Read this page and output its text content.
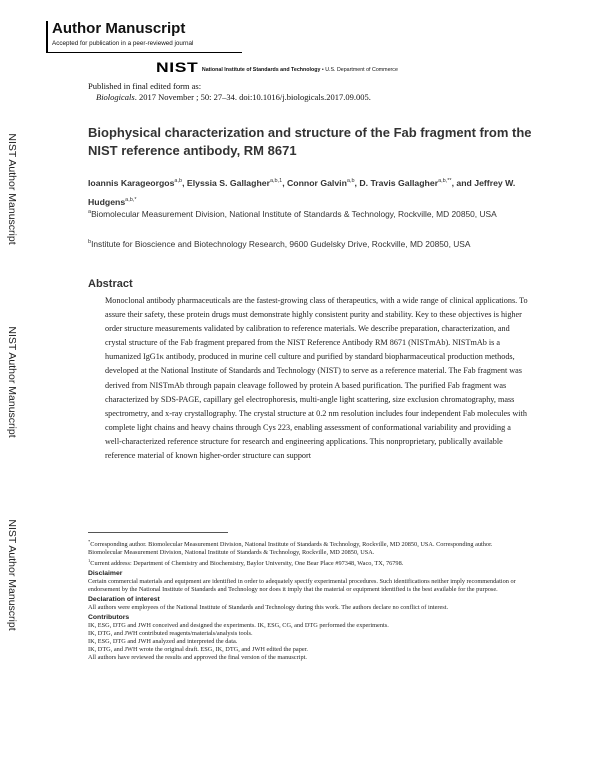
Author Manuscript
Accepted for publication in a peer-reviewed journal
NIST National Institute of Standards and Technology • U.S. Department of Commerce
Published in final edited form as:
Biologicals. 2017 November ; 50: 27–34. doi:10.1016/j.biologicals.2017.09.005.
NIST Author Manuscript
NIST Author Manuscript
NIST Author Manuscript
Biophysical characterization and structure of the Fab fragment from the NIST reference antibody, RM 8671
Ioannis Karageorgos$^{a,b}$, Elyssia S. Gallagher$^{a,b,1}$, Connor Galvin$^{a,b}$, D. Travis Gallagher$^{a,b,**}$, and Jeffrey W. Hudgens$^{a,b,*}$
$^a$Biomolecular Measurement Division, National Institute of Standards & Technology, Rockville, MD 20850, USA
$^b$Institute for Bioscience and Biotechnology Research, 9600 Gudelsky Drive, Rockville, MD 20850, USA
Abstract
Monoclonal antibody pharmaceuticals are the fastest-growing class of therapeutics, with a wide range of clinical applications. To assure their safety, these protein drugs must demonstrate highly consistent purity and stability. Key to these objectives is higher order structure measurements validated by calibration to reference materials. We describe preparation, characterization, and crystal structure of the Fab fragment prepared from the NIST Reference Antibody RM 8671 (NISTmAb). NISTmAb is a humanized IgG1κ antibody, produced in murine cell culture and purified by standard biopharmaceutical production methods, developed at the National Institute of Standards and Technology (NIST) to serve as a reference material. The Fab fragment was derived from NISTmAb through papain cleavage followed by protein A based purification. The purified Fab fragment was characterized by SDS-PAGE, capillary gel electrophoresis, multi-angle light scattering, size exclusion chromatography, mass spectrometry, and x-ray crystallography. The crystal structure at 0.2 nm resolution includes four independent Fab molecules with complete light chains and heavy chains through Cys 223, enabling assessment of conformational variability and providing a well-characterized reference structure for research and engineering applications. This nonproprietary, publically available reference material of known higher-order structure can support

*Corresponding author. Biomolecular Measurement Division, National Institute of Standards & Technology, Rockville, MD 20850, USA. Corresponding author. Biomolecular Measurement Division, National Institute of Standards & Technology, Rockville, MD 20850, USA.

$^1$Current address: Department of Chemistry and Biochemistry, Baylor University, One Bear Place #97348, Waco, TX, 76798.

Disclaimer

Certain commercial materials and equipment are identified in order to adequately specify experimental procedures. Such identifications neither imply recommendation or endorsement by the National Institute of Standards and Technology nor does it imply that the material or equipment identified is the best available for the purpose.

Declaration of interest

All authors were employees of the National Institute of Standards and Technology during this work. The authors declare no conflict of interest.

Contributors

IK, ESG, DTG and JWH conceived and designed the experiments. IK, ESG, CG, and DTG performed the experiments.

IK, DTG, and JWH contributed reagents/materials/analysis tools.

IK, ESG, DTG and JWH analyzed and interpreted the data.

IK, DTG, and JWH wrote the original draft. ESG, IK, DTG, and JWH edited the paper.

All authors have reviewed the results and approved the final version of the manuscript.
